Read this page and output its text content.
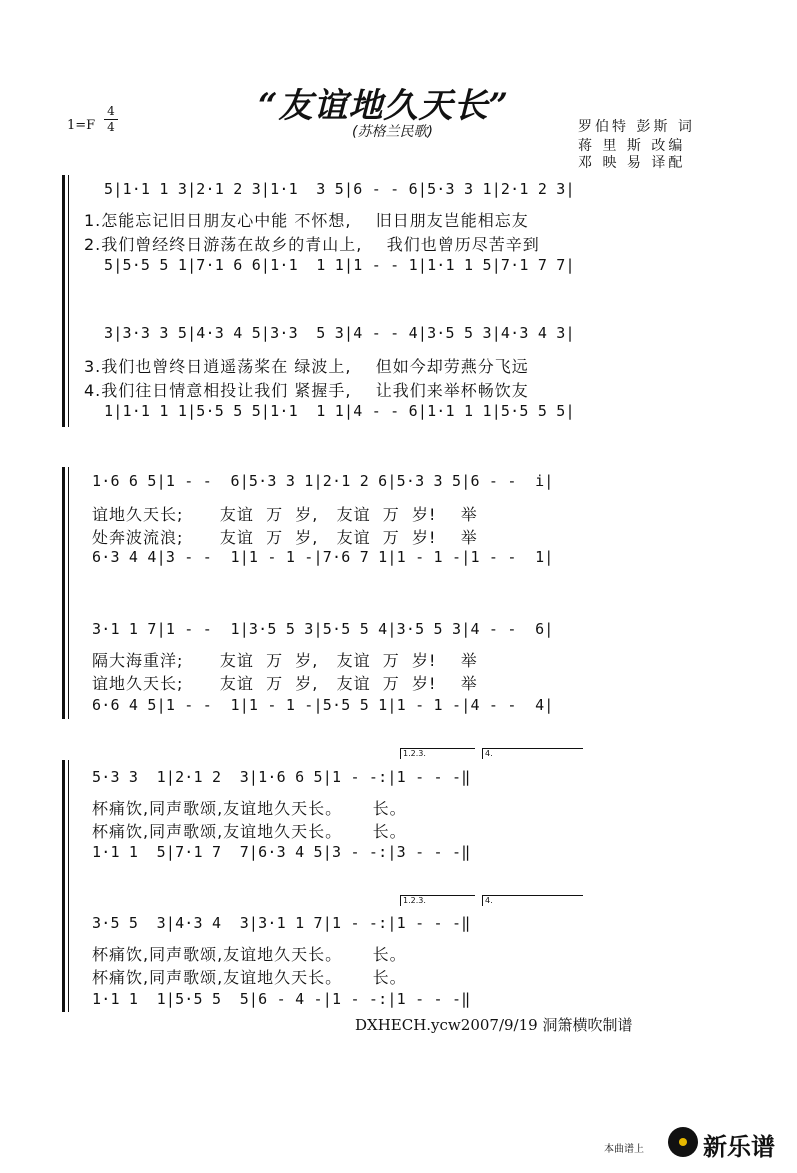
“友谊地久天长”
(苏格兰民歌)
1=F
4
4	罗伯特 彭斯 词
蒋 里 斯 改编
邓 映 易 译配
5|1·1 1 3|2·1 2 3|1·1  3 5|6 - - 6|5·3 3 1|2·1 2 3|
1.怎能忘记旧日朋友心中能 不怀想,    旧日朋友岂能相忘友
2.我们曾经终日游荡在故乡的青山上,    我们也曾历尽苦辛到
5|5·5 5 1|7·1 6 6|1·1  1 1|1 - - 1|1·1 1 5|7·1 7 7|
3|3·3 3 5|4·3 4 5|3·3  5 3|4 - - 4|3·5 5 3|4·3 4 3|
3.我们也曾终日逍遥荡桨在 绿波上,    但如今却劳燕分飞远
4.我们往日情意相投让我们 紧握手,    让我们来举杯畅饮友
1|1·1 1 1|5·5 5 5|1·1  1 1|4 - - 6|1·1 1 1|5·5 5 5|
1·6 6 5|1 - -  6|5·3 3 1|2·1 2 6|5·3 3 5|6 - -  i|
谊地久天长;      友谊  万  岁,   友谊  万  岁!    举
处奔波流浪;      友谊  万  岁,   友谊  万  岁!    举
6·3 4 4|3 - -  1|1 - 1 -|7·6 7 1|1 - 1 -|1 - -  1|
3·1 1 7|1 - -  1|3·5 5 3|5·5 5 4|3·5 5 3|4 - -  6|
隔大海重洋;      友谊  万  岁,   友谊  万  岁!    举
谊地久天长;      友谊  万  岁,   友谊  万  岁!    举
6·6 4 5|1 - -  1|1 - 1 -|5·5 5 1|1 - 1 -|4 - -  4|
1.2.3.	4.
5·3 3  1|2·1 2  3|1·6 6 5|1 - -:|1 - - -‖
杯痛饮,同声歌颂,友谊地久天长。     长。
杯痛饮,同声歌颂,友谊地久天长。     长。
1·1 1  5|7·1 7  7|6·3 4 5|3 - -:|3 - - -‖
1.2.3.	4.
3·5 5  3|4·3 4  3|3·1 1 7|1 - -:|1 - - -‖
杯痛饮,同声歌颂,友谊地久天长。     长。
杯痛饮,同声歌颂,友谊地久天长。     长。
1·1 1  1|5·5 5  5|6 - 4 -|1 - -:|1 - - -‖
DXHECH.ycw2007/9/19 洞箫横吹制谱
本曲谱上 新乐谱
